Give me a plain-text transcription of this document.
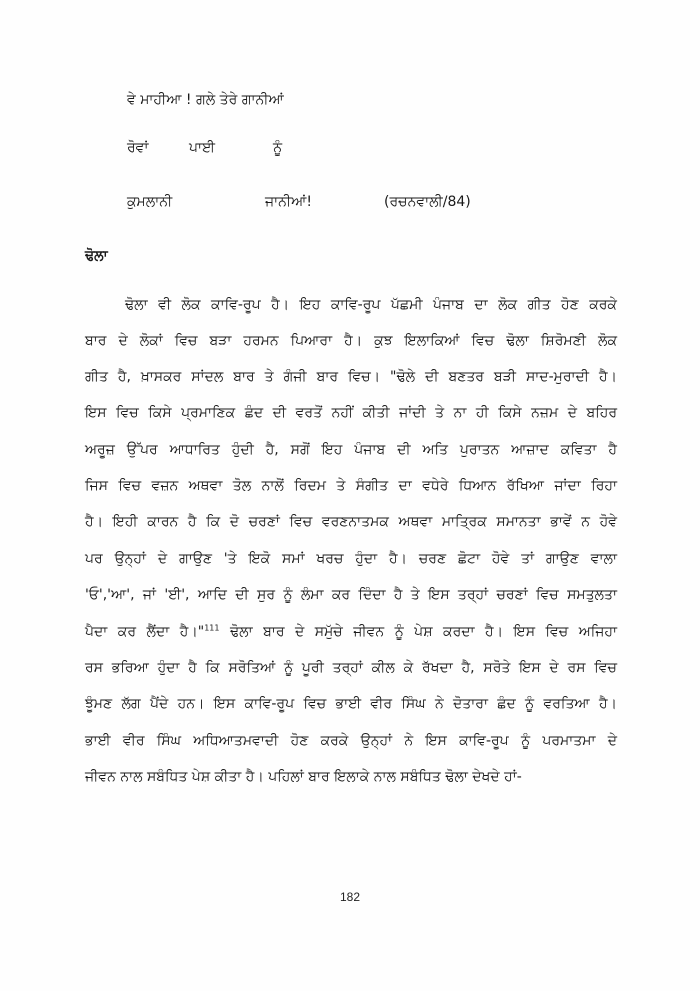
ਵੇ ਮਾਹੀਆ ! ਗਲੇ ਤੇਰੇ ਗਾਨੀਆਂ
ਰੋਵਾਂ	ਪਾਈ	ਨੂੰ
ਕੁਮਲਾਨੀ	ਜਾਨੀਆਂ!	(ਰਚਨਵਾਲੀ/84)
ਢੋਲਾ
ਢੋਲਾ ਵੀ ਲੋਕ ਕਾਵਿ-ਰੂਪ ਹੈ। ਇਹ ਕਾਵਿ-ਰੂਪ ਪੱਛਮੀ ਪੰਜਾਬ ਦਾ ਲੋਕ ਗੀਤ ਹੋਣ ਕਰਕੇ
ਬਾਰ ਦੇ ਲੋਕਾਂ ਵਿਚ ਬੜਾ ਹਰਮਨ ਪਿਆਰਾ ਹੈ। ਕੁਝ ਇਲਾਕਿਆਂ ਵਿਚ ਢੋਲਾ ਸ਼ਿਰੋਮਣੀ ਲੋਕ
ਗੀਤ ਹੈ, ਖ਼ਾਸਕਰ ਸਾਂਦਲ ਬਾਰ ਤੇ ਗੰਜੀ ਬਾਰ ਵਿਚ। "ਢੋਲੇ ਦੀ ਬਣਤਰ ਬੜੀ ਸਾਦ-ਮੁਰਾਦੀ ਹੈ।
ਇਸ ਵਿਚ ਕਿਸੇ ਪ੍ਰਮਾਣਿਕ ਛੰਦ ਦੀ ਵਰਤੋਂ ਨਹੀਂ ਕੀਤੀ ਜਾਂਦੀ ਤੇ ਨਾ ਹੀ ਕਿਸੇ ਨਜ਼ਮ ਦੇ ਬਹਿਰ
ਅਰੂਜ਼ ਉੱਪਰ ਆਧਾਰਿਤ ਹੁੰਦੀ ਹੈ, ਸਗੋਂ ਇਹ ਪੰਜਾਬ ਦੀ ਅਤਿ ਪੁਰਾਤਨ ਆਜ਼ਾਦ ਕਵਿਤਾ ਹੈ
ਜਿਸ ਵਿਚ ਵਜ਼ਨ ਅਥਵਾ ਤੋਲ ਨਾਲੋਂ ਰਿਦਮ ਤੇ ਸੰਗੀਤ ਦਾ ਵਧੇਰੇ ਧਿਆਨ ਰੱਖਿਆ ਜਾਂਦਾ ਰਿਹਾ
ਹੈ। ਇਹੀ ਕਾਰਨ ਹੈ ਕਿ ਦੋ ਚਰਣਾਂ ਵਿਚ ਵਰਣਨਾਤਮਕ ਅਥਵਾ ਮਾਤ੍ਰਿਕ ਸਮਾਨਤਾ ਭਾਵੇਂ ਨ ਹੋਵੇ
ਪਰ ਉਨ੍ਹਾਂ ਦੇ ਗਾਉਣ 'ਤੇ ਇਕੋ ਸਮਾਂ ਖਰਚ ਹੁੰਦਾ ਹੈ। ਚਰਣ ਛੋਟਾ ਹੋਵੇ ਤਾਂ ਗਾਉਣ ਵਾਲਾ
'ਓ','ਆ', ਜਾਂ 'ਈ', ਆਦਿ ਦੀ ਸੁਰ ਨੂੰ ਲੰਮਾ ਕਰ ਦਿੰਦਾ ਹੈ ਤੇ ਇਸ ਤਰ੍ਹਾਂ ਚਰਣਾਂ ਵਿਚ ਸਮਤੁਲਤਾ
ਪੈਦਾ ਕਰ ਲੈਂਦਾ ਹੈ।"$^{111}$ ਢੋਲਾ ਬਾਰ ਦੇ ਸਮੁੱਚੇ ਜੀਵਨ ਨੂੰ ਪੇਸ਼ ਕਰਦਾ ਹੈ। ਇਸ ਵਿਚ ਅਜਿਹਾ
ਰਸ ਭਰਿਆ ਹੁੰਦਾ ਹੈ ਕਿ ਸਰੋਤਿਆਂ ਨੂੰ ਪੂਰੀ ਤਰ੍ਹਾਂ ਕੀਲ ਕੇ ਰੱਖਦਾ ਹੈ, ਸਰੋਤੇ ਇਸ ਦੇ ਰਸ ਵਿਚ
ਝੂੰਮਣ ਲੱਗ ਪੈਂਦੇ ਹਨ। ਇਸ ਕਾਵਿ-ਰੂਪ ਵਿਚ ਭਾਈ ਵੀਰ ਸਿੰਘ ਨੇ ਦੋਤਾਰਾ ਛੰਦ ਨੂੰ ਵਰਤਿਆ ਹੈ।
ਭਾਈ ਵੀਰ ਸਿੰਘ ਅਧਿਆਤਮਵਾਦੀ ਹੋਣ ਕਰਕੇ ਉਨ੍ਹਾਂ ਨੇ ਇਸ ਕਾਵਿ-ਰੂਪ ਨੂੰ ਪਰਮਾਤਮਾ ਦੇ
ਜੀਵਨ ਨਾਲ ਸਬੰਧਿਤ ਪੇਸ਼ ਕੀਤਾ ਹੈ। ਪਹਿਲਾਂ ਬਾਰ ਇਲਾਕੇ ਨਾਲ ਸਬੰਧਿਤ ਢੋਲਾ ਦੇਖਦੇ ਹਾਂ-
182
